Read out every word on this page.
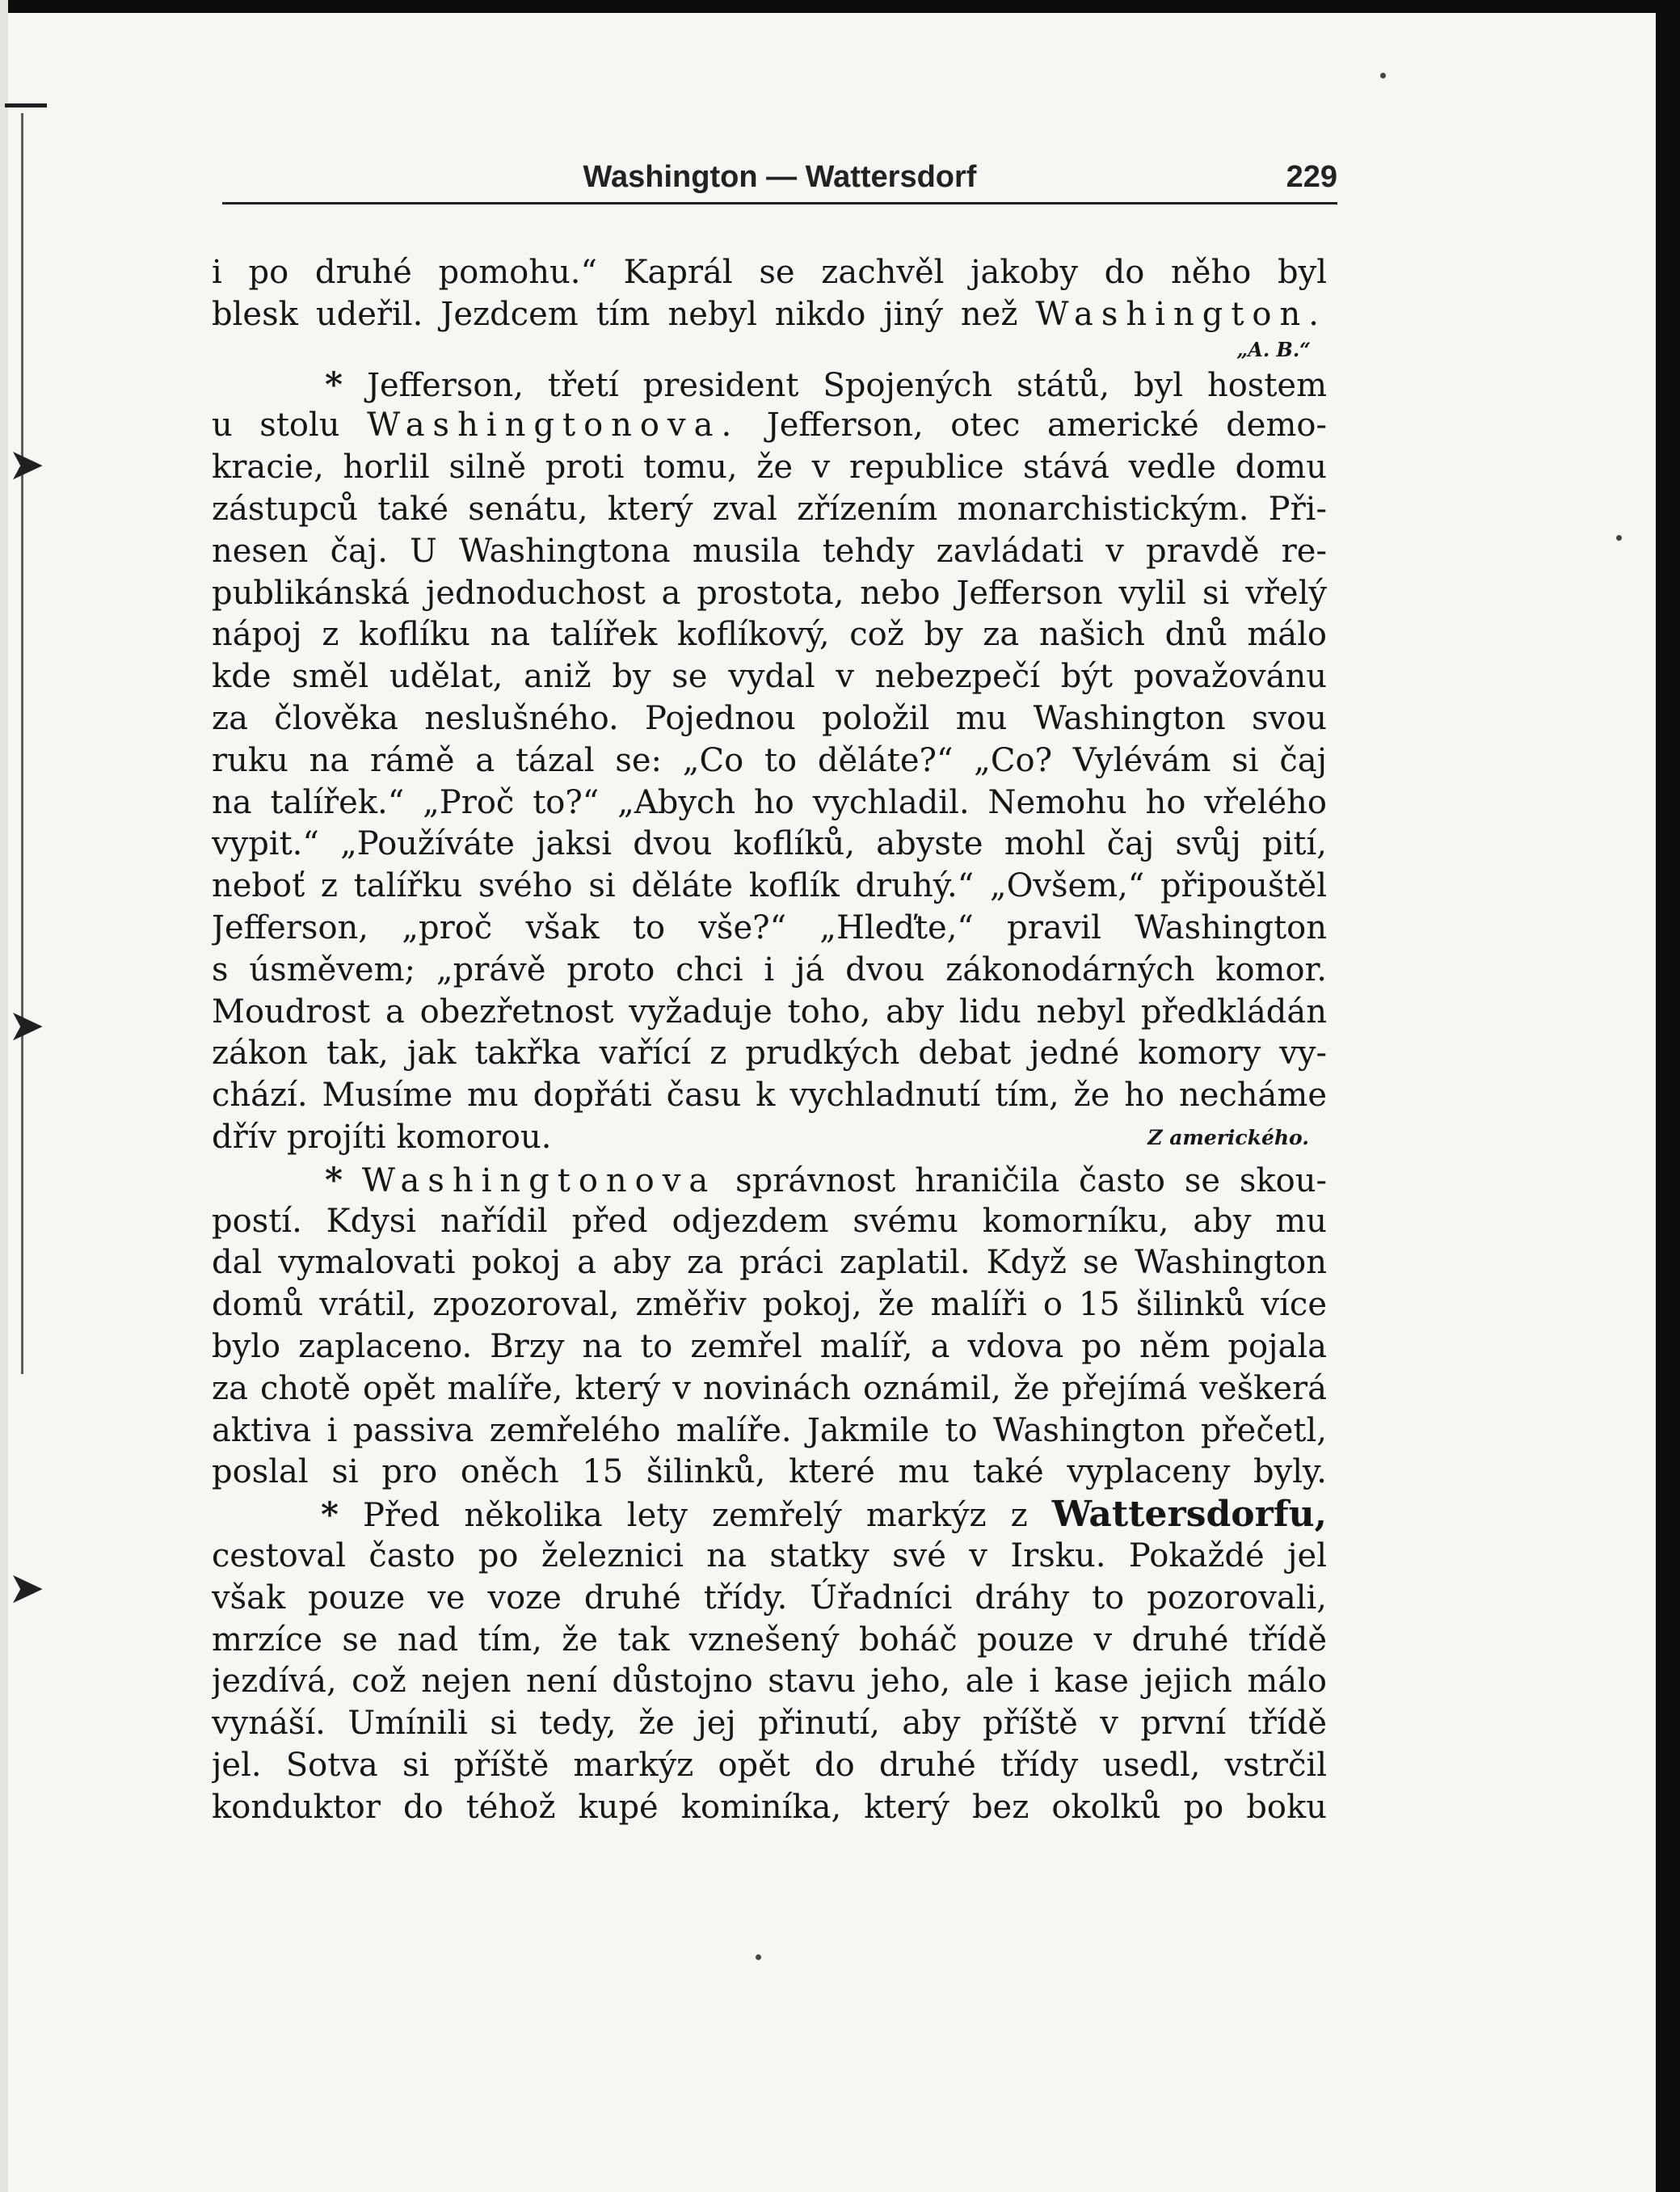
➤
➤
➤
Washington — Wattersdorf	229
i po druhé pomohu.“ Kaprál se zachvěl jakoby do něho byl
blesk udeřil. Jezdcem tím nebyl nikdo jiný než Washington.
„A. B.“
* Jefferson, třetí president Spojených států, byl hostem
u stolu Washingtonova. Jefferson, otec americké demo-
kracie, horlil silně proti tomu, že v republice stává vedle domu
zástupců také senátu, který zval zřízením monarchistickým. Při-
nesen čaj. U Washingtona musila tehdy zavládati v pravdě re-
publikánská jednoduchost a prostota, nebo Jefferson vylil si vřelý
nápoj z koflíku na talířek koflíkový, což by za našich dnů málo
kde směl udělat, aniž by se vydal v nebezpečí být považovánu
za člověka neslušného. Pojednou položil mu Washington svou
ruku na rámě a tázal se: „Co to děláte?“ „Co? Vylévám si čaj
na talířek.“ „Proč to?“ „Abych ho vychladil. Nemohu ho vřelého
vypit.“ „Používáte jaksi dvou koflíků, abyste mohl čaj svůj pití,
neboť z talířku svého si děláte koflík druhý.“ „Ovšem,“ připouštěl
Jefferson, „proč však to vše?“ „Hleďte,“ pravil Washington
s úsměvem; „právě proto chci i já dvou zákonodárných komor.
Moudrost a obezřetnost vyžaduje toho, aby lidu nebyl předkládán
zákon tak, jak takřka vařící z prudkých debat jedné komory vy-
chází. Musíme mu dopřáti času k vychladnutí tím, že ho necháme
dřív projíti komorou.	Z amerického.
* Washingtonova správnost hraničila často se skou-
postí. Kdysi nařídil před odjezdem svému komorníku, aby mu
dal vymalovati pokoj a aby za práci zaplatil. Když se Washington
domů vrátil, zpozoroval, změřiv pokoj, že malíři o 15 šilinků více
bylo zaplaceno. Brzy na to zemřel malíř, a vdova po něm pojala
za chotě opět malíře, který v novinách oznámil, že přejímá veškerá
aktiva i passiva zemřelého malíře. Jakmile to Washington přečetl,
poslal si pro oněch 15 šilinků, které mu také vyplaceny byly.
* Před několika lety zemřelý markýz z Wattersdorfu,
cestoval často po železnici na statky své v Irsku. Pokaždé jel
však pouze ve voze druhé třídy. Úřadníci dráhy to pozorovali,
mrzíce se nad tím, že tak vznešený boháč pouze v druhé třídě
jezdívá, což nejen není důstojno stavu jeho, ale i kase jejich málo
vynáší. Umínili si tedy, že jej přinutí, aby příště v první třídě
jel. Sotva si příště markýz opět do druhé třídy usedl, vstrčil
konduktor do téhož kupé kominíka, který bez okolků po boku
